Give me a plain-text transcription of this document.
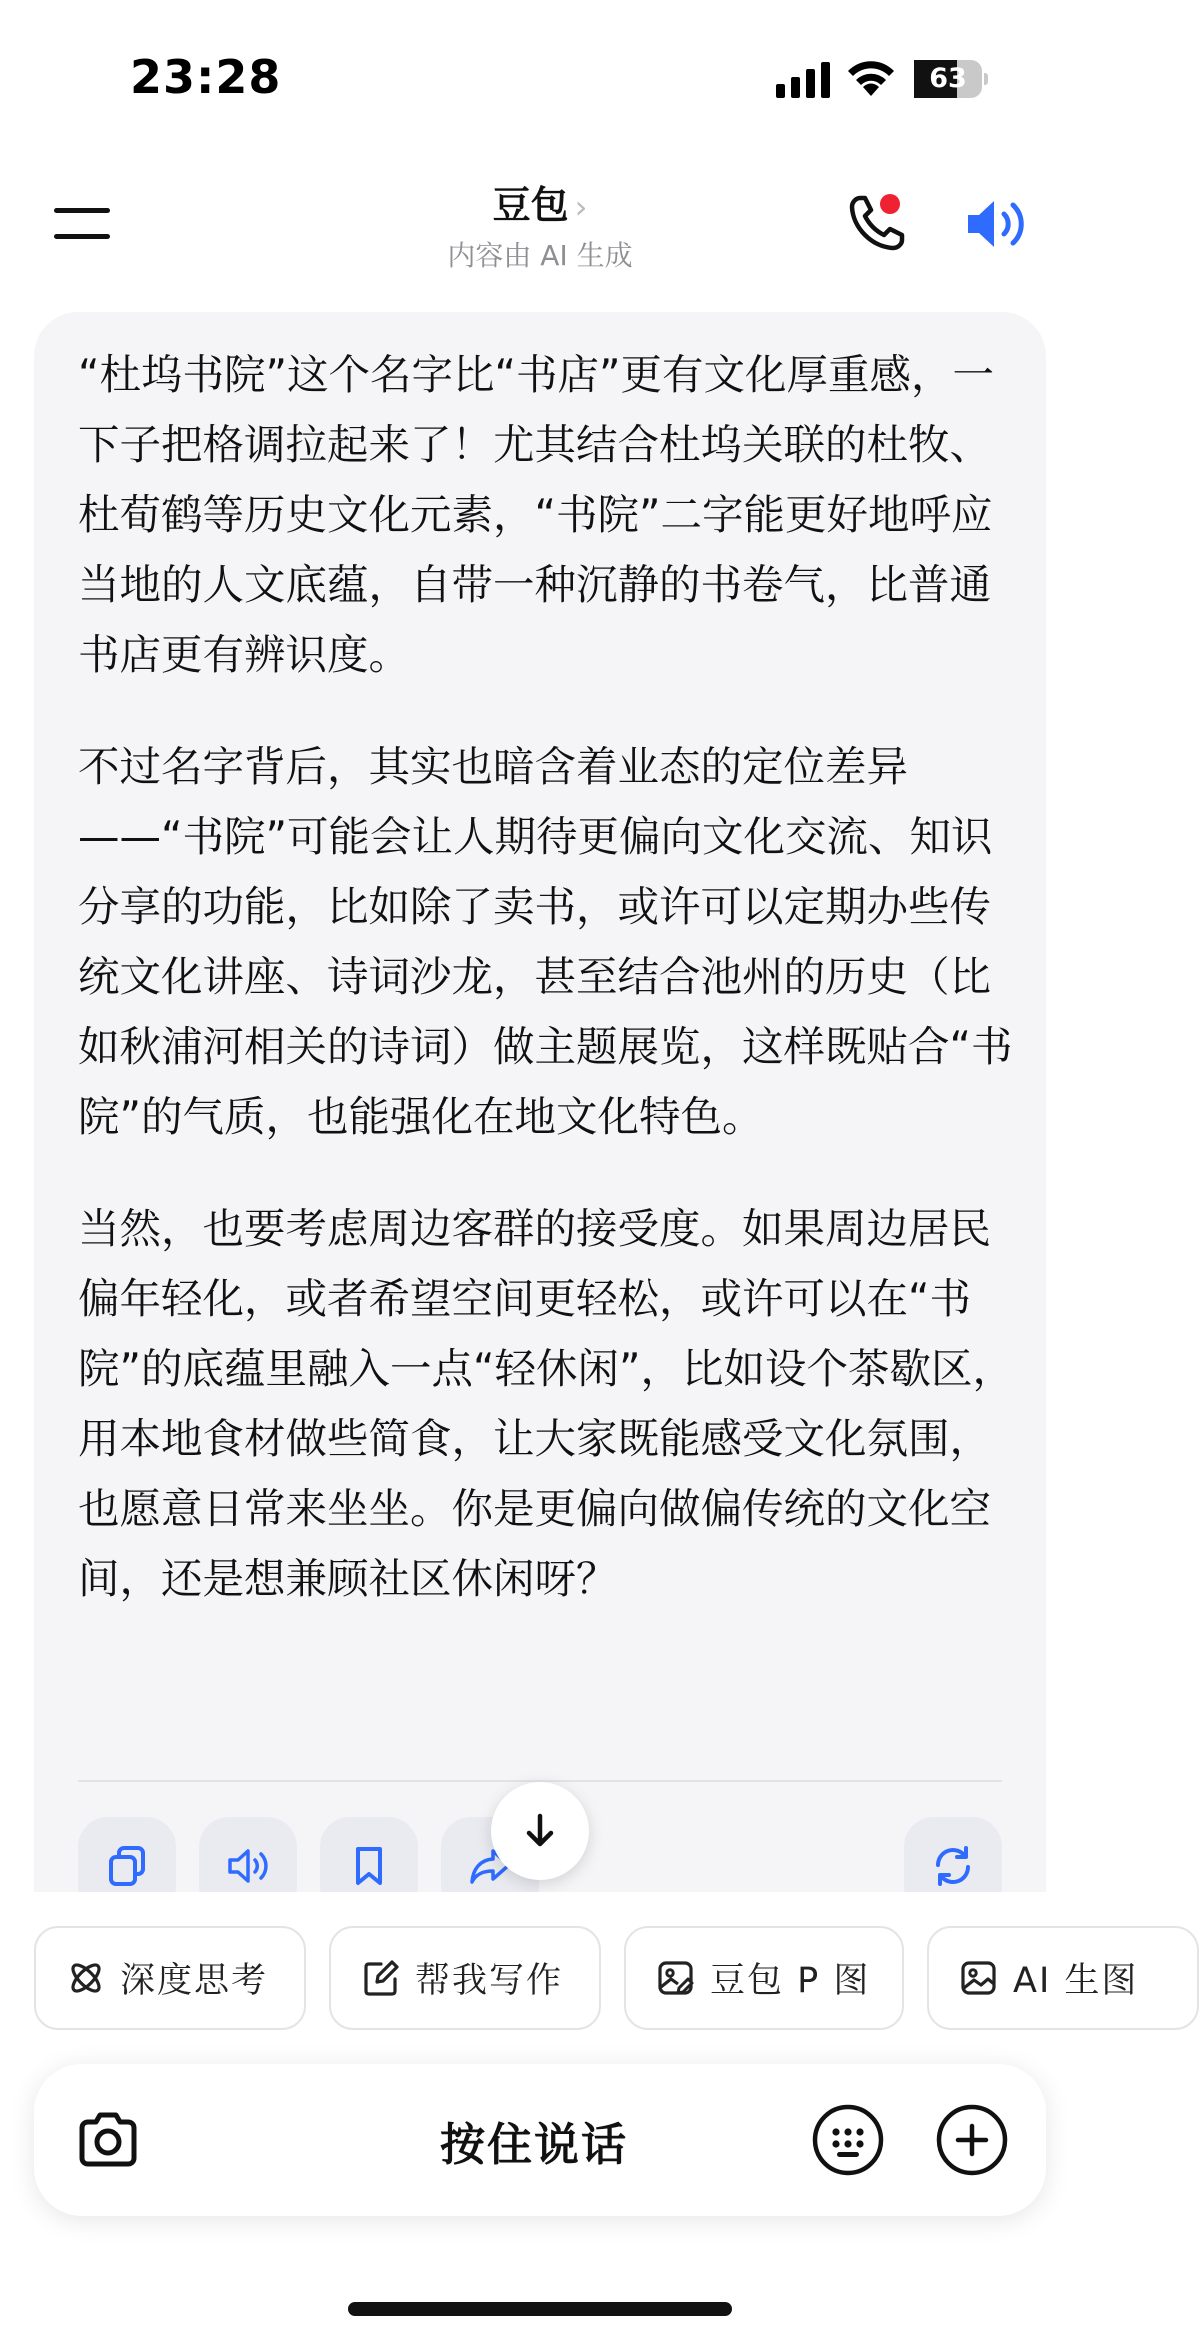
23:28	63
豆包 ›
内容由 AI 生成

“杜坞书院”这个名字比“书店”更有文化厚重感，一下子把格调拉起来了！尤其结合杜坞关联的杜牧、杜荀鹤等历史文化元素，“书院”二字能更好地呼应当地的人文底蕴，自带一种沉静的书卷气，比普通书店更有辨识度。

不过名字背后，其实也暗含着业态的定位差异——“书院”可能会让人期待更偏向文化交流、知识分享的功能，比如除了卖书，或许可以定期办些传统文化讲座、诗词沙龙，甚至结合池州的历史（比如秋浦河相关的诗词）做主题展览，这样既贴合“书院”的气质，也能强化在地文化特色。

当然，也要考虑周边客群的接受度。如果周边居民偏年轻化，或者希望空间更轻松，或许可以在“书院”的底蕴里融入一点“轻休闲”，比如设个茶歇区，用本地食材做些简食，让大家既能感受文化氛围，也愿意日常来坐坐。你是更偏向做偏传统的文化空间，还是想兼顾社区休闲呀？

深度思考	帮我写作	豆包 P 图	AI 生图
按住说话
